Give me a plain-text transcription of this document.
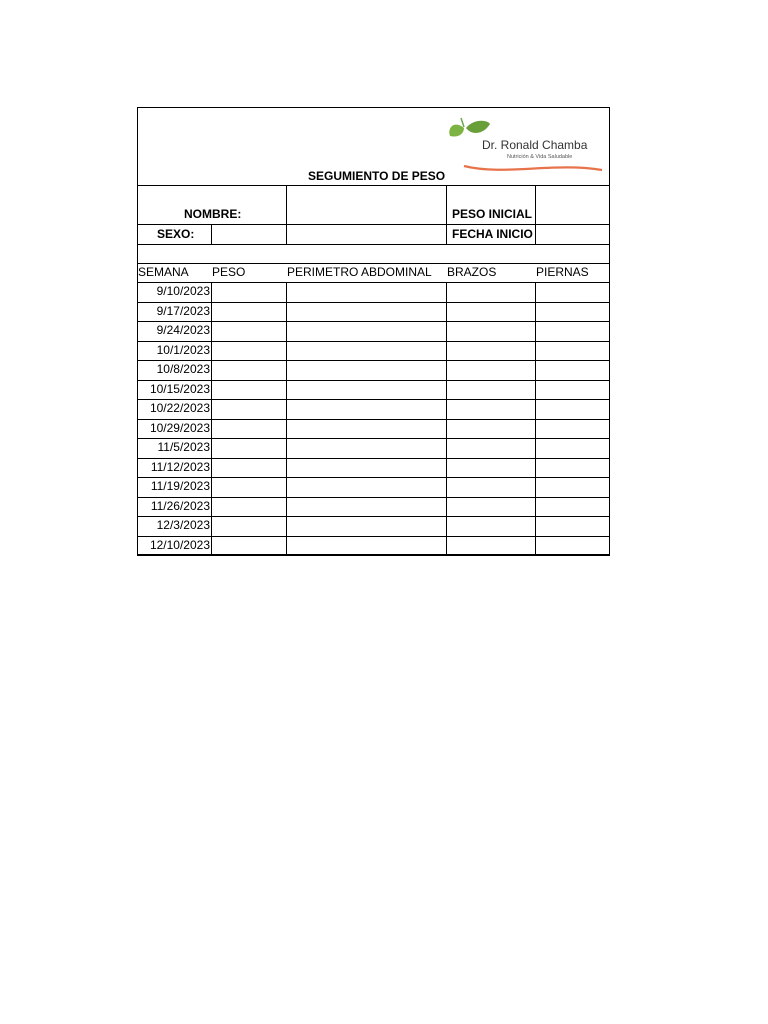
SEGUMIENTO DE PESO
Dr. Ronald Chamba
Nutrición & Vida Saludable
NOMBRE:	PESO INICIAL
SEXO:	FECHA INICIO
SEMANA	PESO	PERIMETRO ABDOMINAL	BRAZOS	PIERNAS
9/10/2023
9/17/2023
9/24/2023
10/1/2023
10/8/2023
10/15/2023
10/22/2023
10/29/2023
11/5/2023
11/12/2023
11/19/2023
11/26/2023
12/3/2023
12/10/2023
